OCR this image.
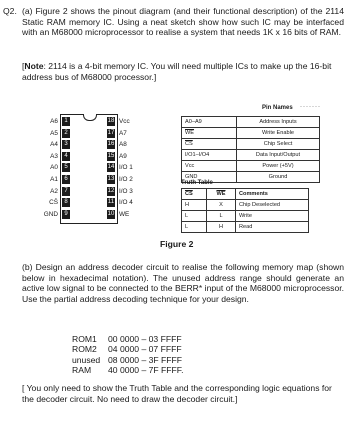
Q2. (a) Figure 2 shows the pinout diagram (and their functional description) of the 2114 Static RAM memory IC. Using a neat sketch show how such IC may be interfaced with an M68000 microprocessor to realise a system that needs 1K x 16 bits of RAM.
[Note: 2114 is a 4-bit memory IC. You will need multiple ICs to make up the 16-bit address bus of M68000 processor.]
A6	1
A5	2
A4	3
A3	4
A0	5
A1	6
A2	7
CS̄	8
GND	9
18 Vcc
17 A7
16 A8
15 A9
14 I/O 1
13 I/O 2
12 I/O 3
11 I/O 4
10 WE
Pin Names ·······
A0–A9	Address Inputs
$\overline{WE}$	Write Enable
$\overline{CS}$	Chip Select
I/O1–I/O4	Data Input/Output
Vcc	Power (+5V)
GND	Ground
Truth Table
$\overline{CS}$	$\overline{WE}$	Comments
H	X	Chip Deselected
L	L	Write
L	H	Read
Figure 2
(b) Design an address decoder circuit to realise the following memory map (shown below in hexadecimal notation). The unused address range should generate an active low signal to be connected to the BERR* input of the M68000 microprocessor. Use the partial address decoding technique for your design.
ROM1	00 0000 – 03 FFFF
ROM2	04 0000 – 07 FFFF
unused 08 0000 – 3F FFFF
RAM	40 0000 – 7F FFFF.
[ You only need to show the Truth Table and the corresponding logic equations for the decoder circuit. No need to draw the decoder circuit.]
